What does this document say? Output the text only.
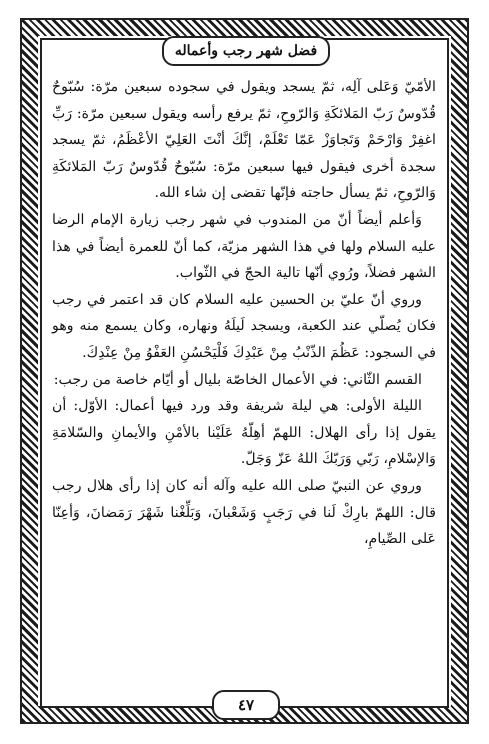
فضل شهر رجب وأعماله

الأمّيّ وَعَلى آلِه، ثمّ يسجد ويقول في سجوده سبعين مرّة: سُبّوحٌ قُدّوسٌ رَبّ المَلائكَةِ وَالرّوحِ، ثمّ يرفع رأسه ويقول سبعين مرّة: رَبِّ اغفِرْ وَارْحَمْ وَتَجاوَزْ عَمّا تَعْلَمْ، إنَّكَ أنْتَ العَلِيّ الأعْظَمُ، ثمّ يسجد سجدة أخرى فيقول فيها سبعين مرّة: سُبّوحٌ قُدّوسٌ رَبّ المَلائكَةِ وَالرّوحِ، ثمّ يسأل حاجته فإنّها تقضى إن شاء الله.

وَأعلم أيضاً أنّ من المندوب في شهر رجب زيارة الإمام الرضا عليه السلام ولها في هذا الشهر مزيّة، كما أنّ للعمرة أيضاً في هذا الشهر فضلاً، ورُوي أنّها تالية الحجّ في الثّواب.

وروي أنّ عليّ بن الحسين عليه السلام كان قد اعتمر في رجب فكان يُصلّي عند الكعبة، ويسجد لَيلَهُ ونهاره، وكان يسمع منه وهو في السجود: عَظُمَ الذّنْبُ مِنْ عَبْدِكَ فَلْيَحْسُنِ العَفْوُ مِنْ عِنْدِكَ.

القسم الثّاني: في الأعمال الخاصّة بليال أو أيّام خاصة من رجب:

الليلة الأولى: هي ليلة شريفة وقد ورد فيها أعمال: الأوّل: أن يقول إذا رأى الهلال: اللهمّ أهِلّهُ عَلَيْنا بالأمْنِ والأيمانِ والسّلامَةِ وَالإسْلامِ، رَبّي وَرَبّكَ اللهُ عَزّ وَجَلّ.

وروي عن النبيّ صلى الله عليه وآله أنه كان إذا رأى هلال رجب قال: اللهمّ بارِكْ لَنا في رَجَبٍ وَشَعْبانَ، وَبَلِّغْنا شَهْرَ رَمَضانَ، وَأعِنّا عَلى الصِّيامِ،

٤٧
